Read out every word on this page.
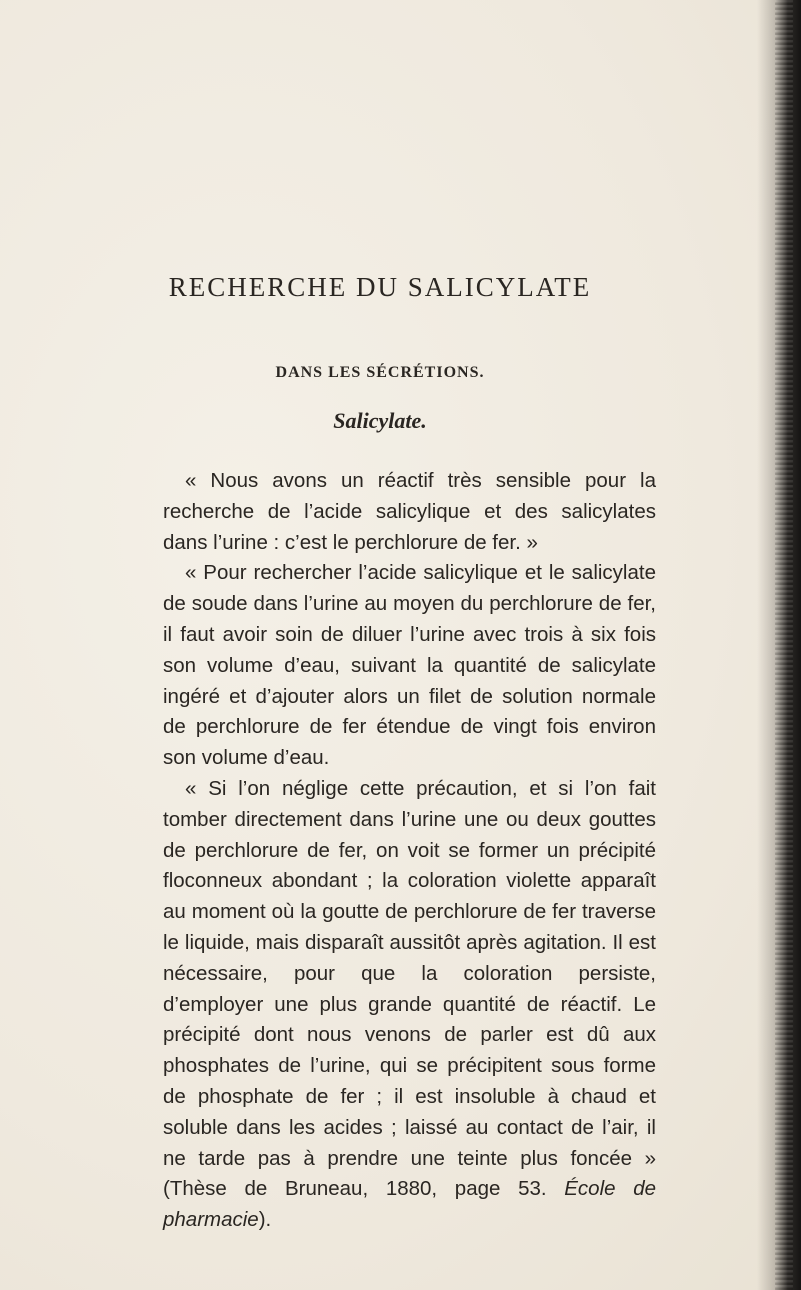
RECHERCHE DU SALICYLATE
DANS LES SÉCRÉTIONS.
Salicylate.

« Nous avons un réactif très sensible pour la recherche de l’acide salicylique et des salicylates dans l’urine : c’est le perchlorure de fer. »

« Pour rechercher l’acide salicylique et le salicylate de soude dans l’urine au moyen du perchlorure de fer, il faut avoir soin de diluer l’urine avec trois à six fois son volume d’eau, suivant la quantité de salicylate ingéré et d’ajouter alors un filet de solution normale de perchlorure de fer étendue de vingt fois environ son volume d’eau.

« Si l’on néglige cette précaution, et si l’on fait tomber directement dans l’urine une ou deux gouttes de perchlorure de fer, on voit se former un précipité floconneux abondant ; la coloration violette apparaît au moment où la goutte de perchlorure de fer traverse le liquide, mais disparaît aussitôt après agitation. Il est nécessaire, pour que la coloration persiste, d’employer une plus grande quantité de réactif. Le précipité dont nous venons de parler est dû aux phosphates de l’urine, qui se précipitent sous forme de phosphate de fer ; il est insoluble à chaud et soluble dans les acides ; laissé au contact de l’air, il ne tarde pas à prendre une teinte plus foncée » (Thèse de Bruneau, 1880, page 53. École de pharmacie).
